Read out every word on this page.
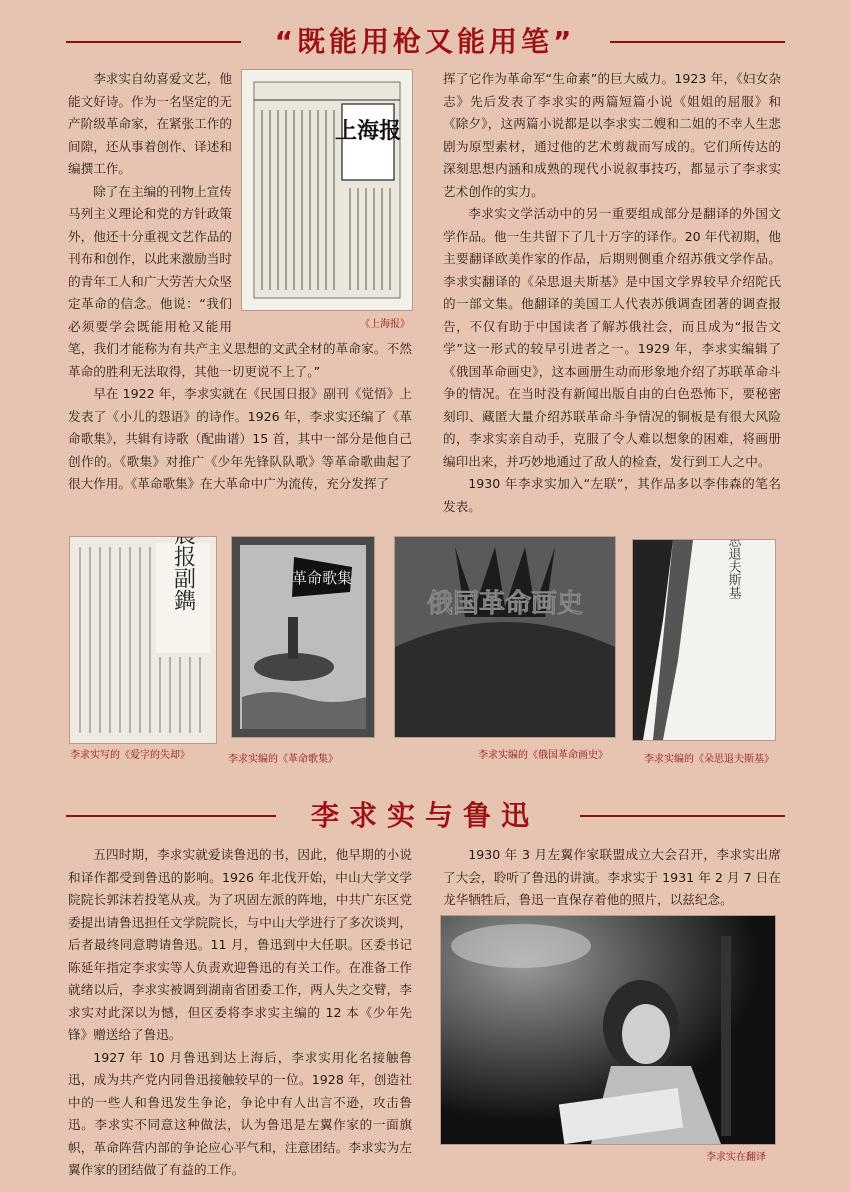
“既能用枪又能用笔”
上海报
《上海报》

李求实自幼喜爱文艺，他能文好诗。作为一名坚定的无产阶级革命家，在紧张工作的间隙，还从事着创作、译述和编撰工作。

除了在主编的刊物上宣传马列主义理论和党的方针政策外，他还十分重视文艺作品的刊布和创作，以此来激励当时的青年工人和广大劳苦大众坚定革命的信念。他说：“我们必须要学会既能用枪又能用笔，我们才能称为有共产主义思想的文武全材的革命家。不然革命的胜利无法取得，其他一切更说不上了。”

早在 1922 年，李求实就在《民国日报》副刊《觉悟》上发表了《小儿的怨语》的诗作。1926 年，李求实还编了《革命歌集》，共辑有诗歌（配曲谱）15 首，其中一部分是他自己创作的。《歌集》对推广《少年先锋队队歌》等革命歌曲起了很大作用。《革命歌集》在大革命中广为流传，充分发挥了

挥了它作为革命军“生命素”的巨大威力。1923 年，《妇女杂志》先后发表了李求实的两篇短篇小说《姐姐的屈服》和《除夕》，这两篇小说都是以李求实二嫂和二姐的不幸人生悲剧为原型素材，通过他的艺术剪裁而写成的。它们所传达的深刻思想内涵和成熟的现代小说叙事技巧，都显示了李求实艺术创作的实力。

李求实文学活动中的另一重要组成部分是翻译的外国文学作品。他一生共留下了几十万字的译作。20 年代初期，他主要翻译欧美作家的作品，后期则侧重介绍苏俄文学作品。李求实翻译的《朵思退夫斯基》是中国文学界较早介绍陀氏的一部文集。他翻译的美国工人代表苏俄调查团著的调查报告，不仅有助于中国读者了解苏俄社会，而且成为“报告文学”这一形式的较早引进者之一。1929 年，李求实编辑了《俄国革命画史》，这本画册生动而形象地介绍了苏联革命斗争的情况。在当时没有新闻出版自由的白色恐怖下，要秘密刻印、藏匿大量介绍苏联革命斗争情况的铜板是有很大风险的，李求实亲自动手，克服了令人难以想象的困难，将画册编印出来，并巧妙地通过了敌人的检查，发行到工人之中。

1930 年李求实加入“左联”，其作品多以李伟森的笔名发表。

晨报副鐫
李求实写的《爱字的失却》
革命歌集
李求实编的《革命歌集》
俄国革命画史
李求实编的《俄国革命画史》
朵思退夫斯基
李求实编的《朵思退夫斯基》
李求实与鲁迅

五四时期，李求实就爱读鲁迅的书，因此，他早期的小说和译作都受到鲁迅的影响。1926 年北伐开始，中山大学文学院院长郭沫若投笔从戎。为了巩固左派的阵地，中共广东区党委提出请鲁迅担任文学院院长，与中山大学进行了多次谈判，后者最终同意聘请鲁迅。11 月，鲁迅到中大任职。区委书记陈延年指定李求实等人负责欢迎鲁迅的有关工作。在准备工作就绪以后，李求实被调到湖南省团委工作，两人失之交臂，李求实对此深以为憾，但区委将李求实主编的 12 本《少年先锋》赠送给了鲁迅。

1927 年 10 月鲁迅到达上海后，李求实用化名接触鲁迅，成为共产党内同鲁迅接触较早的一位。1928 年，创造社中的一些人和鲁迅发生争论，争论中有人出言不逊，攻击鲁迅。李求实不同意这种做法，认为鲁迅是左翼作家的一面旗帜，革命阵营内部的争论应心平气和，注意团结。李求实为左翼作家的团结做了有益的工作。

1930 年 3 月左翼作家联盟成立大会召开，李求实出席了大会，聆听了鲁迅的讲演。李求实于 1931 年 2 月 7 日在龙华牺牲后，鲁迅一直保存着他的照片，以兹纪念。

李求实在翻译
